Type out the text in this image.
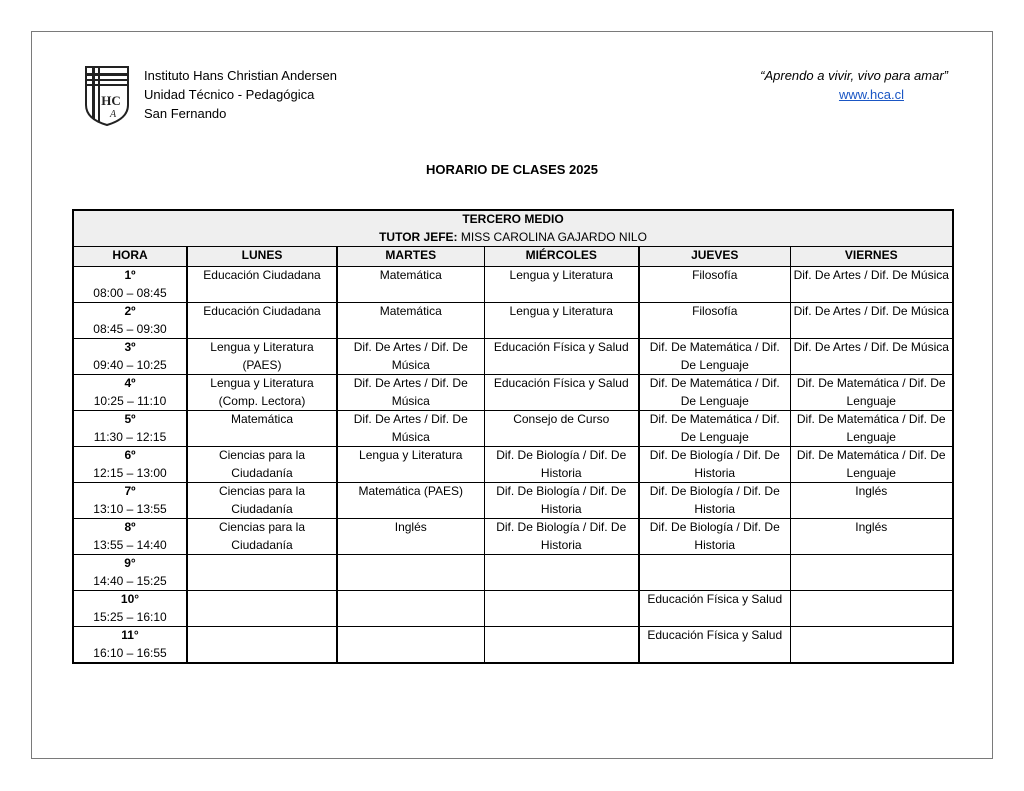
HC
A
Instituto Hans Christian Andersen
Unidad Técnico - Pedagógica
San Fernando
“Aprendo a vivir, vivo para amar”
www.hca.cl
HORARIO DE CLASES 2025
TERCERO MEDIO
TUTOR JEFE: MISS CAROLINA GAJARDO NILO					

HORA	LUNES	MARTES	MIÉRCOLES	JUEVES	VIERNES

1º
08:00 – 08:45	Educación Ciudadana	Matemática	Lengua y Literatura	Filosofía	Dif. De Artes / Dif. De Música

2º
08:45 – 09:30	Educación Ciudadana	Matemática	Lengua y Literatura	Filosofía	Dif. De Artes / Dif. De Música

3º
09:40 – 10:25	Lengua y Literatura (PAES)	Dif. De Artes / Dif. De Música	Educación Física y Salud	Dif. De Matemática / Dif. De Lenguaje	Dif. De Artes / Dif. De Música

4º
10:25 – 11:10	Lengua y Literatura (Comp. Lectora)	Dif. De Artes / Dif. De Música	Educación Física y Salud	Dif. De Matemática / Dif. De Lenguaje	Dif. De Matemática / Dif. De Lenguaje

5º
11:30 – 12:15	Matemática	Dif. De Artes / Dif. De Música	Consejo de Curso	Dif. De Matemática / Dif. De Lenguaje	Dif. De Matemática / Dif. De Lenguaje

6º
12:15 – 13:00	Ciencias para la Ciudadanía	Lengua y Literatura	Dif. De Biología / Dif. De Historia	Dif. De Biología / Dif. De Historia	Dif. De Matemática / Dif. De Lenguaje

7º
13:10 – 13:55	Ciencias para la Ciudadanía	Matemática (PAES)	Dif. De Biología / Dif. De Historia	Dif. De Biología / Dif. De Historia	Inglés

8º
13:55 – 14:40	Ciencias para la Ciudadanía	Inglés	Dif. De Biología / Dif. De Historia	Dif. De Biología / Dif. De Historia	Inglés

9°
14:40 – 15:25					

10°
15:25 – 16:10				Educación Física y Salud	

11°
16:10 – 16:55				Educación Física y Salud	
